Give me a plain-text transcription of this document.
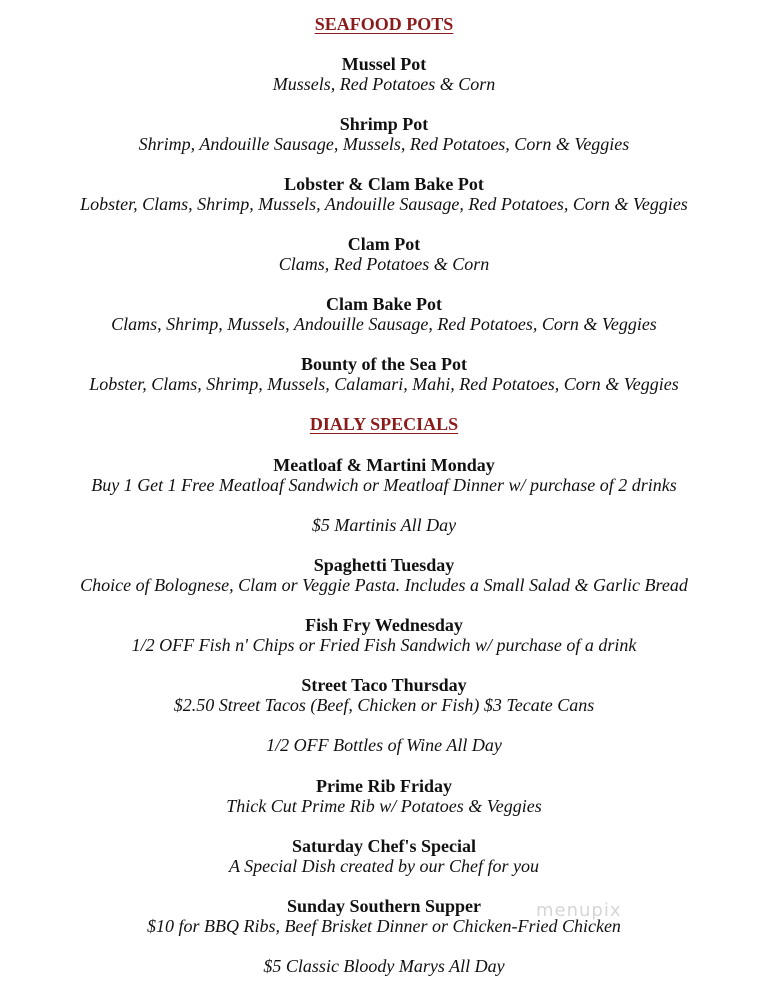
SEAFOOD POTS
Mussel Pot
Mussels, Red Potatoes & Corn
Shrimp Pot
Shrimp, Andouille Sausage, Mussels, Red Potatoes, Corn & Veggies
Lobster & Clam Bake Pot
Lobster, Clams, Shrimp, Mussels, Andouille Sausage, Red Potatoes, Corn & Veggies
Clam Pot
Clams, Red Potatoes & Corn
Clam Bake Pot
Clams, Shrimp, Mussels, Andouille Sausage, Red Potatoes, Corn & Veggies
Bounty of the Sea Pot
Lobster, Clams, Shrimp, Mussels, Calamari, Mahi, Red Potatoes, Corn & Veggies
DIALY SPECIALS
Meatloaf & Martini Monday
Buy 1 Get 1 Free Meatloaf Sandwich or Meatloaf Dinner w/ purchase of 2 drinks
$5 Martinis All Day
Spaghetti Tuesday
Choice of Bolognese, Clam or Veggie Pasta. Includes a Small Salad & Garlic Bread
Fish Fry Wednesday
1/2 OFF Fish n' Chips or Fried Fish Sandwich w/ purchase of a drink
Street Taco Thursday
$2.50 Street Tacos (Beef, Chicken or Fish) $3 Tecate Cans
1/2 OFF Bottles of Wine All Day
Prime Rib Friday
Thick Cut Prime Rib w/ Potatoes & Veggies
Saturday Chef's Special
A Special Dish created by our Chef for you
Sunday Southern Supper
$10 for BBQ Ribs, Beef Brisket Dinner or Chicken-Fried Chicken
$5 Classic Bloody Marys All Day
menupix
